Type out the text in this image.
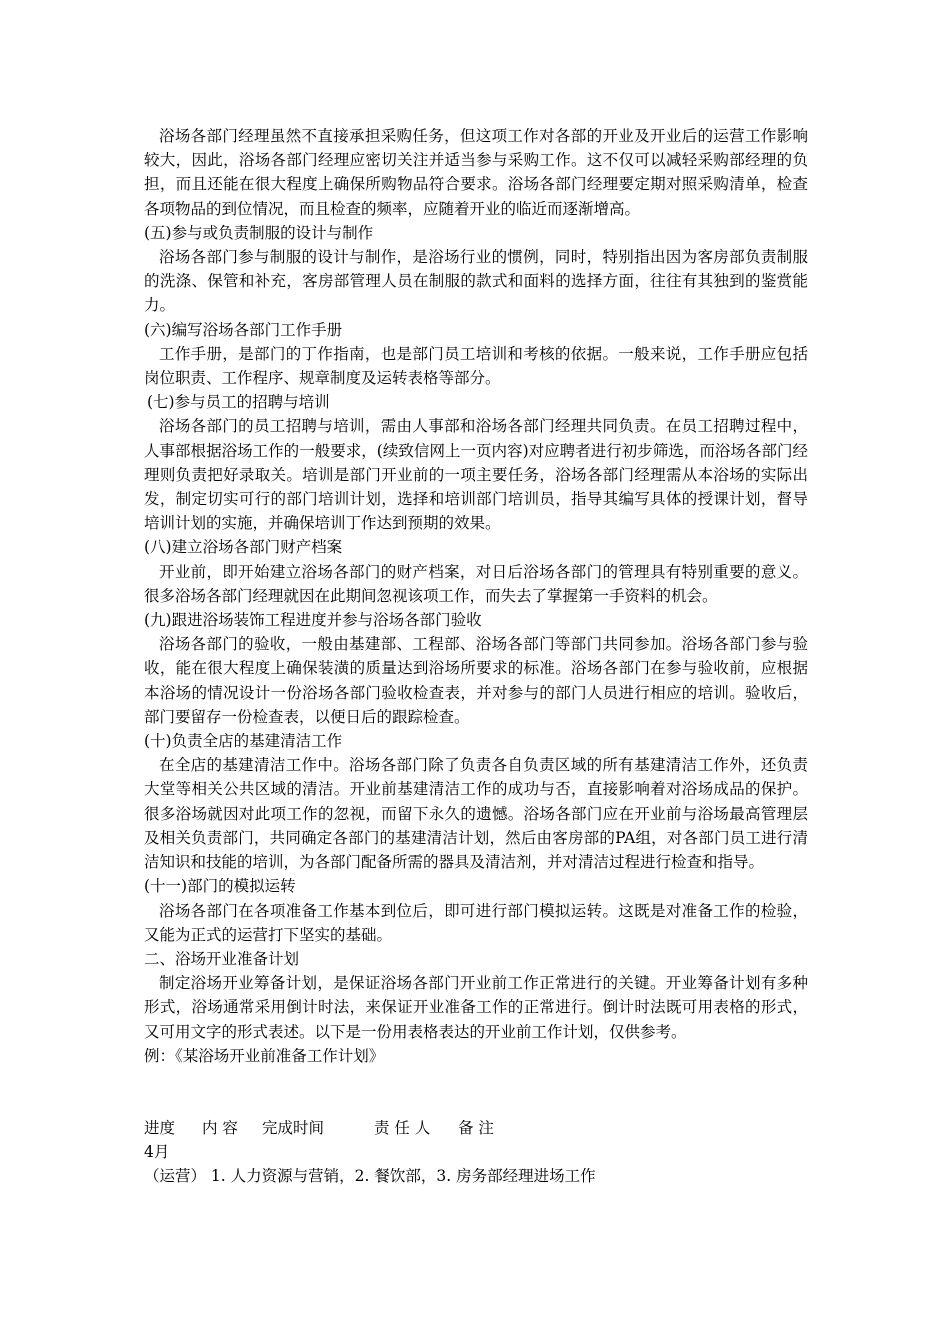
浴场各部门经理虽然不直接承担采购任务，但这项工作对各部的开业及开业后的运营工作影响较大，因此，浴场各部门经理应密切关注并适当参与采购工作。这不仅可以减轻采购部经理的负担，而且还能在很大程度上确保所购物品符合要求。浴场各部门经理要定期对照采购清单，检查各项物品的到位情况，而且检查的频率，应随着开业的临近而逐渐增高。

(五)参与或负责制服的设计与制作

浴场各部门参与制服的设计与制作，是浴场行业的惯例，同时，特别指出因为客房部负责制服的洗涤、保管和补充，客房部管理人员在制服的款式和面料的选择方面，往往有其独到的鉴赏能力。

(六)编写浴场各部门工作手册

工作手册，是部门的丁作指南，也是部门员工培训和考核的依据。一般来说，工作手册应包括岗位职责、工作程序、规章制度及运转表格等部分。

(七)参与员工的招聘与培训

浴场各部门的员工招聘与培训，需由人事部和浴场各部门经理共同负责。在员工招聘过程中，人事部根据浴场工作的一般要求，(续致信网上一页内容)对应聘者进行初步筛选，而浴场各部门经理则负责把好录取关。培训是部门开业前的一项主要任务，浴场各部门经理需从本浴场的实际出发，制定切实可行的部门培训计划，选择和培训部门培训员，指导其编写具体的授课计划，督导培训计划的实施，并确保培训丁作达到预期的效果。

(八)建立浴场各部门财产档案

开业前，即开始建立浴场各部门的财产档案，对日后浴场各部门的管理具有特别重要的意义。很多浴场各部门经理就因在此期间忽视该项工作，而失去了掌握第一手资料的机会。

(九)跟进浴场装饰工程进度并参与浴场各部门验收

浴场各部门的验收，一般由基建部、工程部、浴场各部门等部门共同参加。浴场各部门参与验收，能在很大程度上确保装潢的质量达到浴场所要求的标准。浴场各部门在参与验收前，应根据本浴场的情况设计一份浴场各部门验收检查表，并对参与的部门人员进行相应的培训。验收后，部门要留存一份检查表，以便日后的跟踪检查。

(十)负责全店的基建清洁工作

在全店的基建清洁工作中。浴场各部门除了负责各自负责区域的所有基建清洁工作外，还负责大堂等相关公共区域的清洁。开业前基建清洁工作的成功与否，直接影响着对浴场成品的保护。很多浴场就因对此项工作的忽视，而留下永久的遗憾。浴场各部门应在开业前与浴场最高管理层及相关负责部门，共同确定各部门的基建清洁计划，然后由客房部的PA组，对各部门员工进行清洁知识和技能的培训，为各部门配备所需的器具及清洁剂，并对清洁过程进行检查和指导。

(十一)部门的模拟运转

浴场各部门在各项准备工作基本到位后，即可进行部门模拟运转。这既是对准备工作的检验，又能为正式的运营打下坚实的基础。

二、浴场开业准备计划

制定浴场开业筹备计划，是保证浴场各部门开业前工作正常进行的关键。开业筹备计划有多种形式，浴场通常采用倒计时法，来保证开业准备工作的正常进行。倒计时法既可用表格的形式，又可用文字的形式表述。以下是一份用表格表达的开业前工作计划，仅供参考。

例：《某浴场开业前准备工作计划》

进度 内 容 完成时间	责 任 人 备 注

4月

（运营） 1. 人力资源与营销，2. 餐饮部，3. 房务部经理进场工作
